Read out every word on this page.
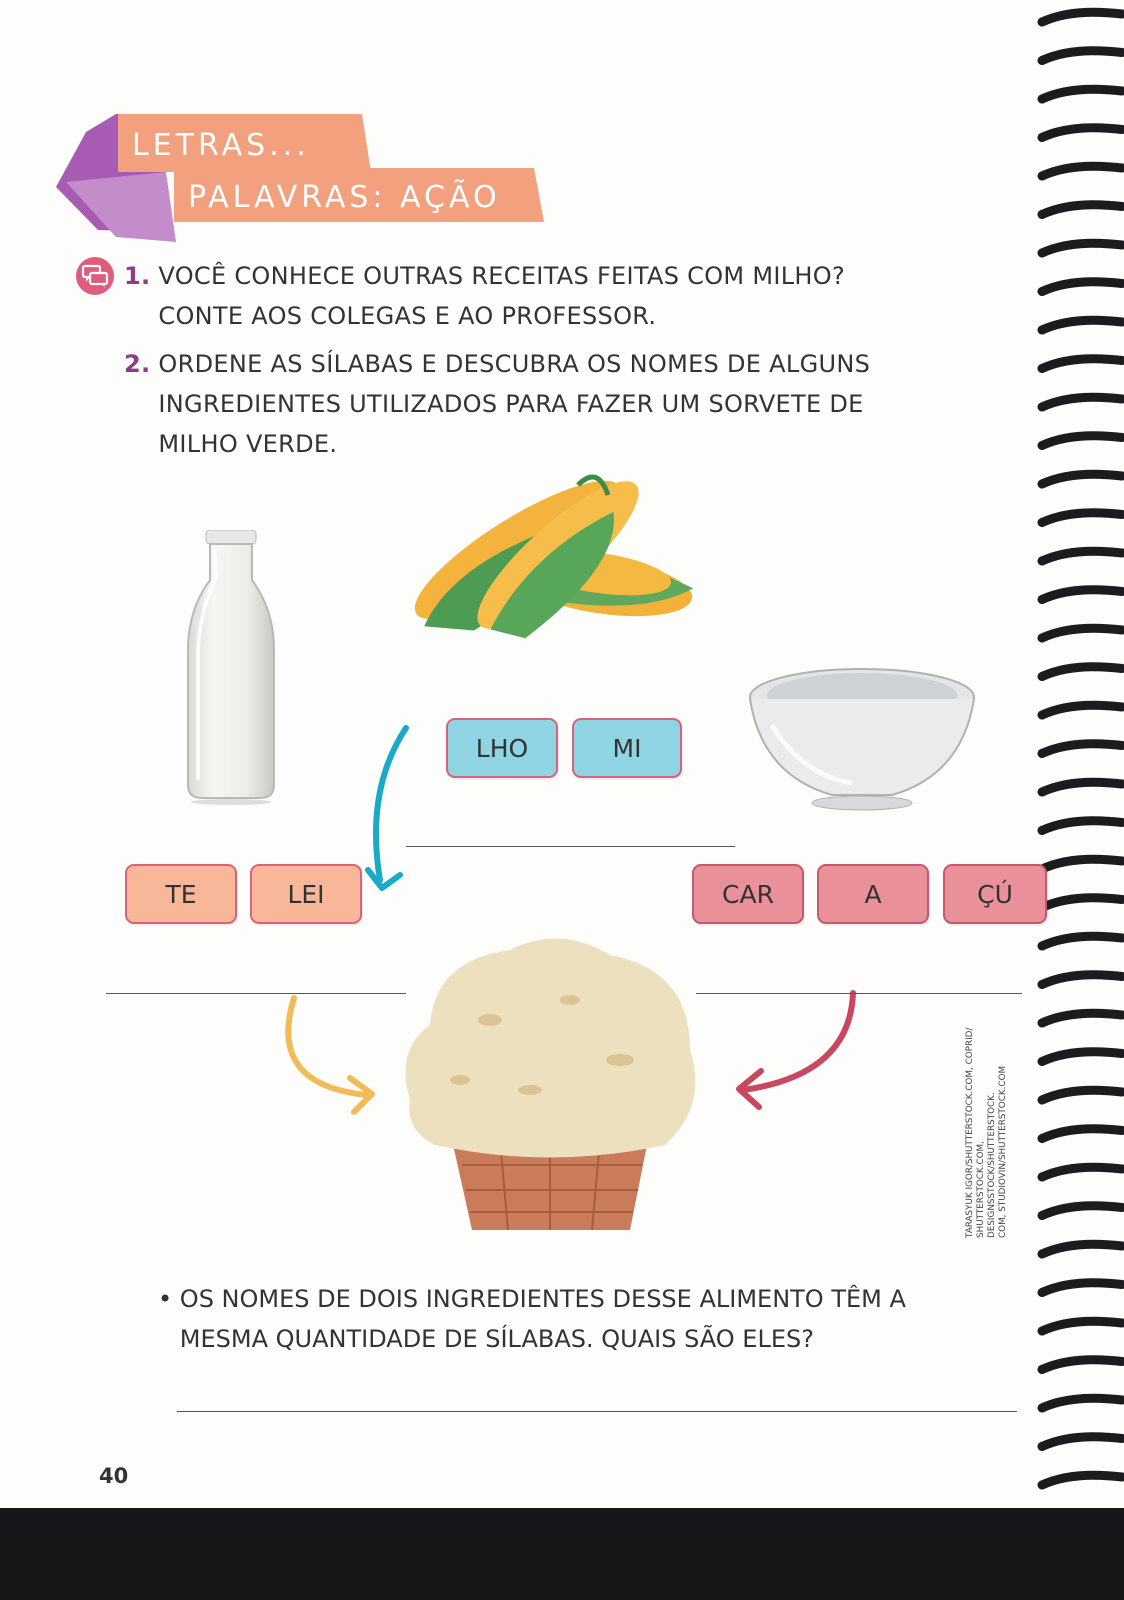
LETRAS...
PALAVRAS: AÇÃO
1. VOCÊ CONHECE OUTRAS RECEITAS FEITAS COM MILHO?
CONTE AOS COLEGAS E AO PROFESSOR.
2. ORDENE AS SÍLABAS E DESCUBRA OS NOMES DE ALGUNS
INGREDIENTES UTILIZADOS PARA FAZER UM SORVETE DE
MILHO VERDE.
LHO	MI
TE	LEI	CAR	A	ÇÚ
TARASYUK IGOR/SHUTTERSTOCK.COM, COPRID/
SHUTTERSTOCK.COM, DESIGNSSTOCK/SHUTTERSTOCK.
COM, STUDIOVIN/SHUTTERSTOCK.COM
• OS NOMES DE DOIS INGREDIENTES DESSE ALIMENTO TÊM A
MESMA QUANTIDADE DE SÍLABAS. QUAIS SÃO ELES?
40
